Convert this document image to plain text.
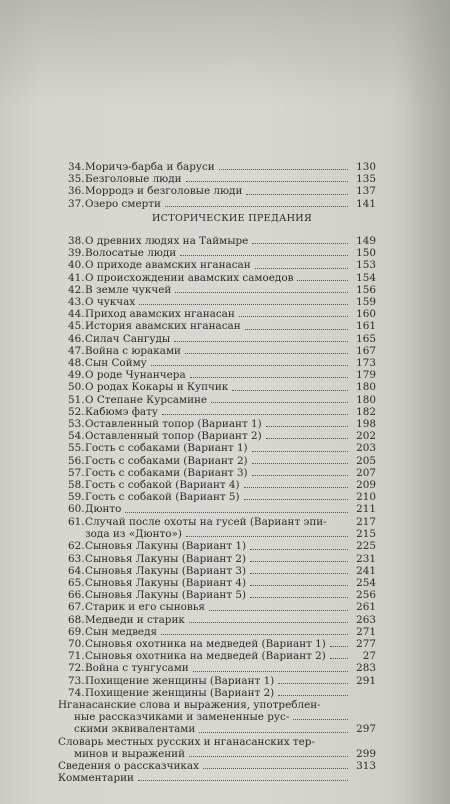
34. Моричэ-барба и баруси	130
35. Безголовые люди	135
36. Морродэ и безголовые люди	137
37. Озеро смерти	141
ИСТОРИЧЕСКИЕ ПРЕДАНИЯ
38. О древних людях на Таймыре	149
39. Волосатые люди	150
40. О приходе авамских нганасан	153
41. О происхождении авамских самоедов	154
42. В земле чукчей	156
43. О чукчах	159
44. Приход авамских нганасан	160
45. История авамских нганасан	161
46. Силач Сангуды	165
47. Война с юраками	167
48. Сын Сойму	173
49. О роде Чунанчера	179
50. О родах Кокары и Купчик	180
51. О Степане Курсамине	180
52. Кабюмэ фату	182
53. Оставленный топор (Вариант 1)	198
54. Оставленный топор (Вариант 2)	202
55. Гость с собаками (Вариант 1)	203
56. Гость с собаками (Вариант 2)	205
57. Гость с собаками (Вариант 3)	207
58. Гость с собакой (Вариант 4)	209
59. Гость с собакой (Вариант 5)	210
60. Дюнто	211
61. Случай после охоты на гусей (Вариант эпи-	217
зода из «Дюнто»)	215
62. Сыновья Лакуны (Вариант 1)	225
63. Сыновья Лакуны (Вариант 2)	231
64. Сыновья Лакуны (Вариант 3)	241
65. Сыновья Лакуны (Вариант 4)	254
66. Сыновья Лакуны (Вариант 5)	256
67. Старик и его сыновья	261
68. Медведи и старик	263
69. Сын медведя	271
70. Сыновья охотника на медведей (Вариант 1)	277
71. Сыновья охотника на медведей (Вариант 2)	27
72. Война с тунгусами	283
73. Похищение женщины (Вариант 1)	291
74. Похищение женщины (Вариант 2)
Нганасанские слова и выражения, употреблен-
ные рассказчиками и замененные рус-
скими эквивалентами	297
Словарь местных русских и нганасанских тер-
минов и выражений	299
Сведения о рассказчиках	313
Комментарии
